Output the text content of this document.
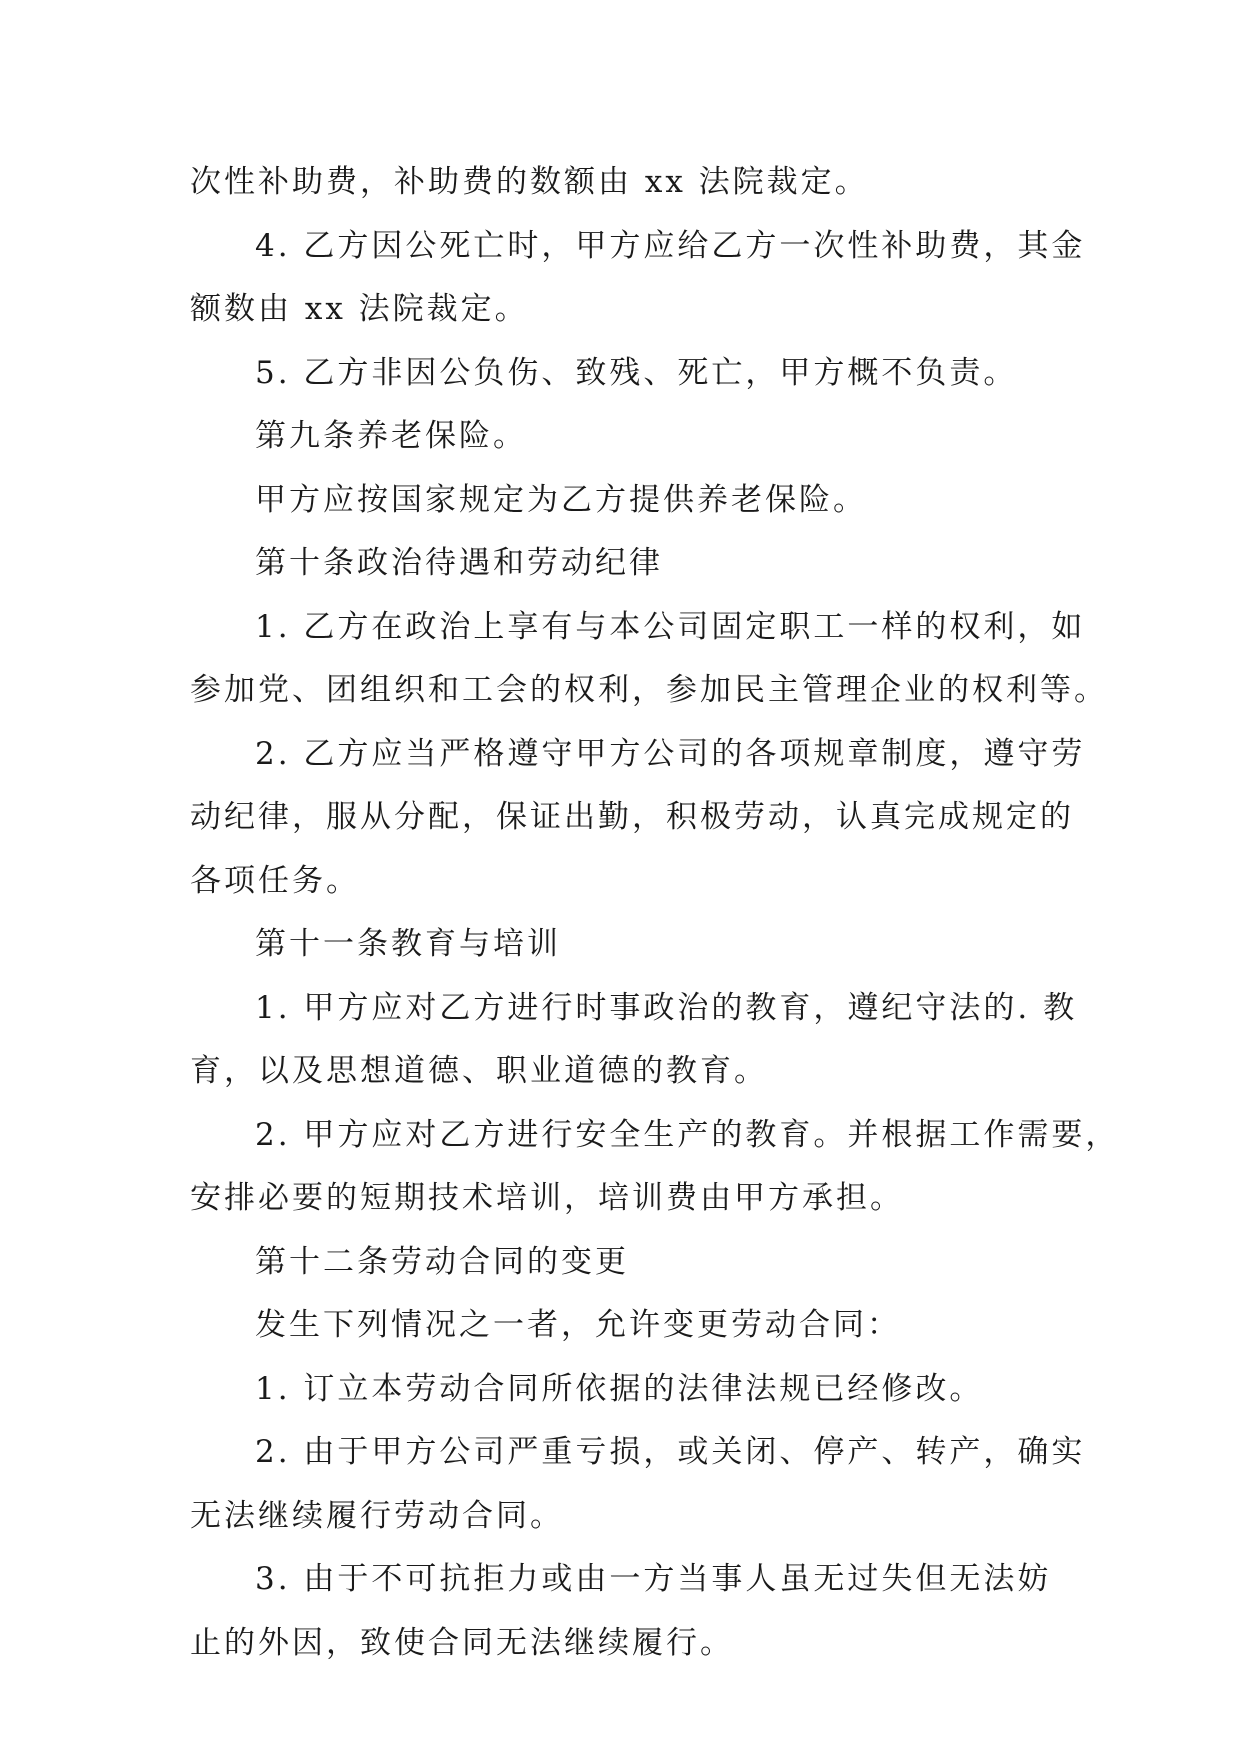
次性补助费，补助费的数额由 xx 法院裁定。
4. 乙方因公死亡时，甲方应给乙方一次性补助费，其金
额数由 xx 法院裁定。
5. 乙方非因公负伤、致残、死亡，甲方概不负责。
第九条养老保险。
甲方应按国家规定为乙方提供养老保险。
第十条政治待遇和劳动纪律
1. 乙方在政治上享有与本公司固定职工一样的权利，如
参加党、团组织和工会的权利，参加民主管理企业的权利等。
2. 乙方应当严格遵守甲方公司的各项规章制度，遵守劳
动纪律，服从分配，保证出勤，积极劳动，认真完成规定的
各项任务。
第十一条教育与培训
1. 甲方应对乙方进行时事政治的教育，遵纪守法的. 教
育，以及思想道德、职业道德的教育。
2. 甲方应对乙方进行安全生产的教育。并根据工作需要，
安排必要的短期技术培训，培训费由甲方承担。
第十二条劳动合同的变更
发生下列情况之一者，允许变更劳动合同：
1. 订立本劳动合同所依据的法律法规已经修改。
2. 由于甲方公司严重亏损，或关闭、停产、转产，确实
无法继续履行劳动合同。
3. 由于不可抗拒力或由一方当事人虽无过失但无法妨
止的外因，致使合同无法继续履行。
